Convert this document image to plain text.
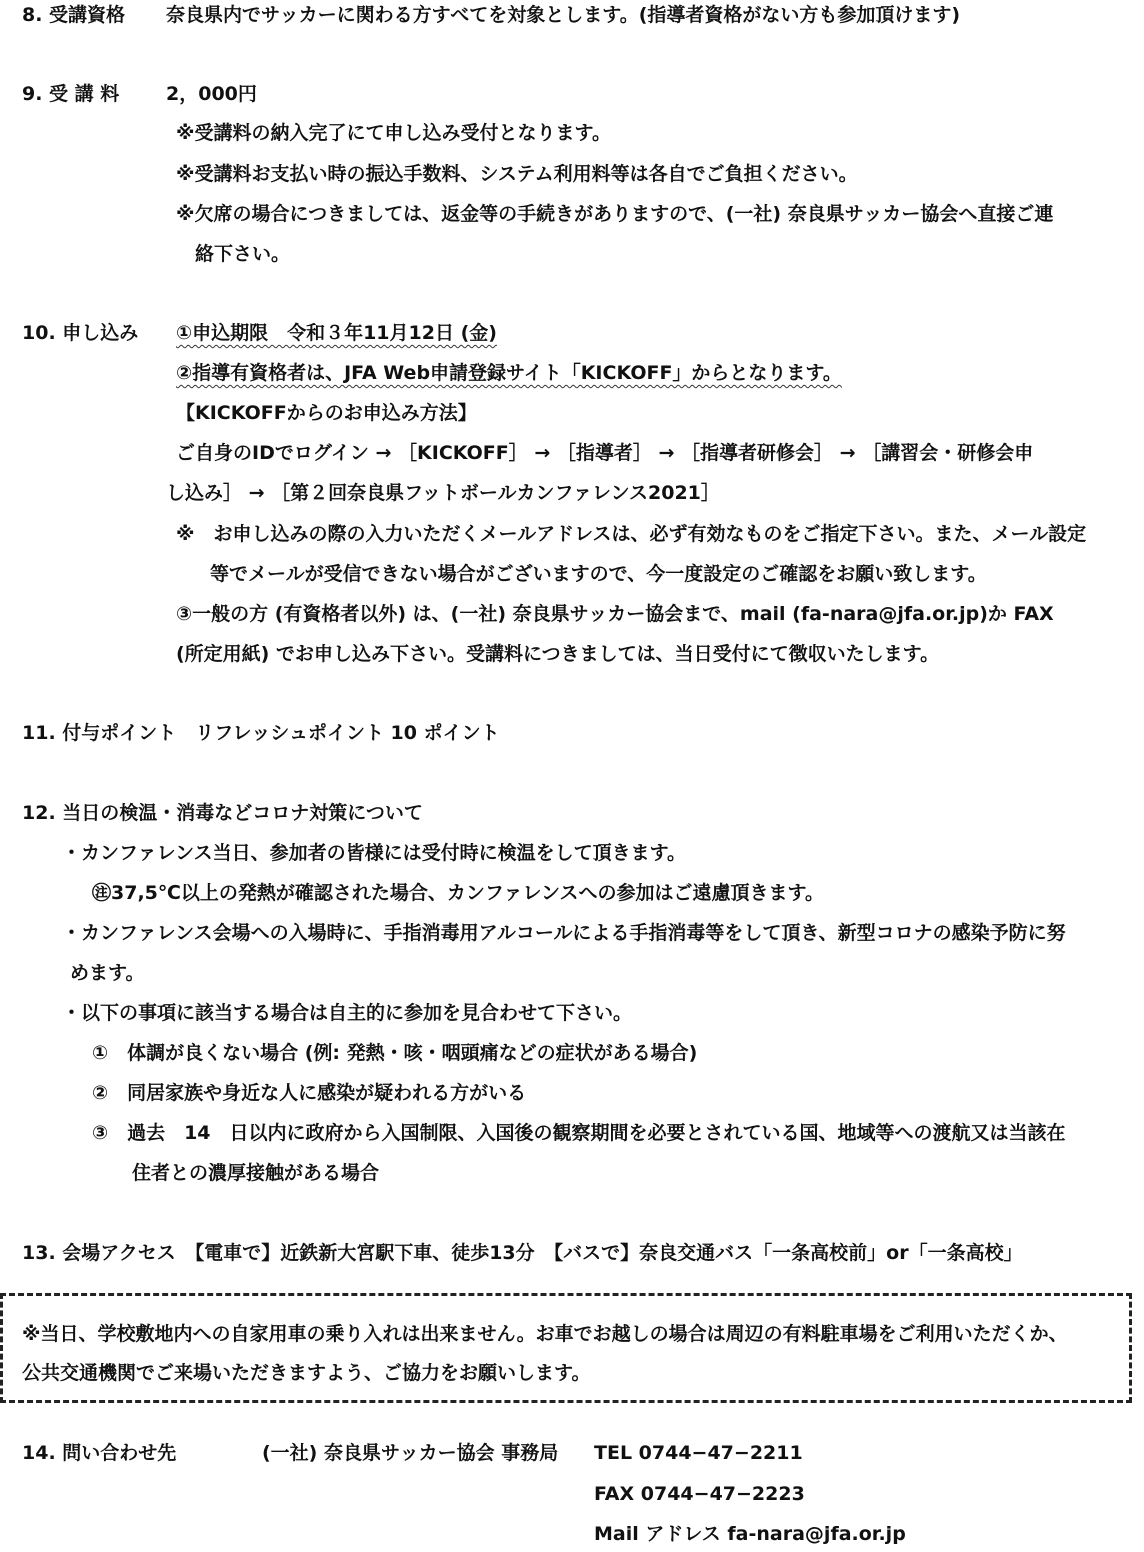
8. 受講資格 奈良県内でサッカーに関わる方すべてを対象とします。(指導者資格がない方も参加頂けます)
9. 受 講 料 2，000円
※受講料の納入完了にて申し込み受付となります。
※受講料お支払い時の振込手数料、システム利用料等は各自でご負担ください。
※欠席の場合につきましては、返金等の手続きがありますので、(一社) 奈良県サッカー協会へ直接ご連
絡下さい。
10. 申し込み ①申込期限　令和３年11月12日 (金)
②指導有資格者は、JFA Web申請登録サイト「KICKOFF」からとなります。
【KICKOFFからのお申込み方法】
ご自身のIDでログイン → ［KICKOFF］ → ［指導者］ → ［指導者研修会］ → ［講習会・研修会申
し込み］ → ［第２回奈良県フットボールカンファレンス2021］
※　お申し込みの際の入力いただくメールアドレスは、必ず有効なものをご指定下さい。また、メール設定
等でメールが受信できない場合がございますので、今一度設定のご確認をお願い致します。
③一般の方 (有資格者以外) は、(一社) 奈良県サッカー協会まで、mail (fa-nara@jfa.or.jp)か FAX
(所定用紙) でお申し込み下さい。受講料につきましては、当日受付にて徴収いたします。
11. 付与ポイント　リフレッシュポイント 10 ポイント
12. 当日の検温・消毒などコロナ対策について
・カンファレンス当日、参加者の皆様には受付時に検温をして頂きます。
㊟37,5℃以上の発熱が確認された場合、カンファレンスへの参加はご遠慮頂きます。
・カンファレンス会場への入場時に、手指消毒用アルコールによる手指消毒等をして頂き、新型コロナの感染予防に努
めます。
・以下の事項に該当する場合は自主的に参加を見合わせて下さい。
①　体調が良くない場合 (例: 発熱・咳・咽頭痛などの症状がある場合)
②　同居家族や身近な人に感染が疑われる方がいる
③　過去　14　日以内に政府から入国制限、入国後の観察期間を必要とされている国、地域等への渡航又は当該在
住者との濃厚接触がある場合
13. 会場アクセス　【電車で】近鉄新大宮駅下車、徒歩13分　【バスで】奈良交通バス「一条高校前」or「一条高校」
※当日、学校敷地内への自家用車の乗り入れは出来ません。お車でお越しの場合は周辺の有料駐車場をご利用いただくか、
公共交通機関でご来場いただきますよう、ご協力をお願いします。
14. 問い合わせ先	(一社) 奈良県サッカー協会 事務局 TEL 0744−47−2211
FAX 0744−47−2223
Mail アドレス fa-nara@jfa.or.jp
